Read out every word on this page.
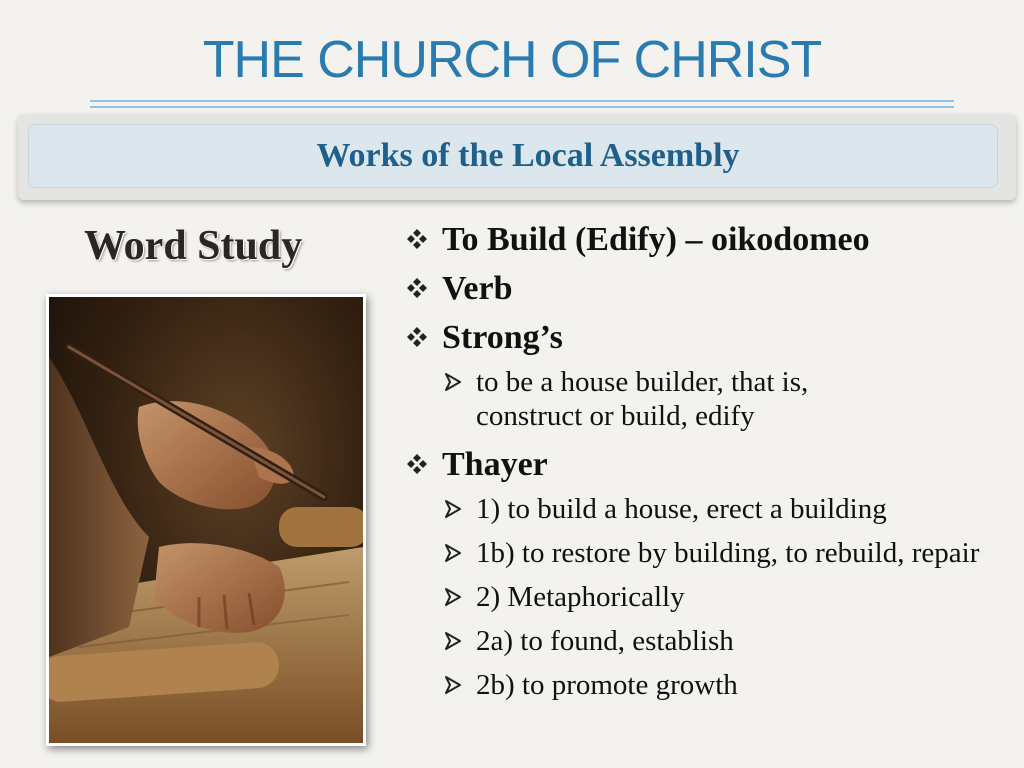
THE CHURCH OF CHRIST
Works of the Local Assembly
Word Study	To Build (Edify) – oikodomeo
Verb
Strong’s
to be a house builder, that is, construct or build, edify
Thayer
1) to build a house, erect a building
1b) to restore by building, to rebuild, repair
2) Metaphorically
2a) to found, establish
2b) to promote growth
